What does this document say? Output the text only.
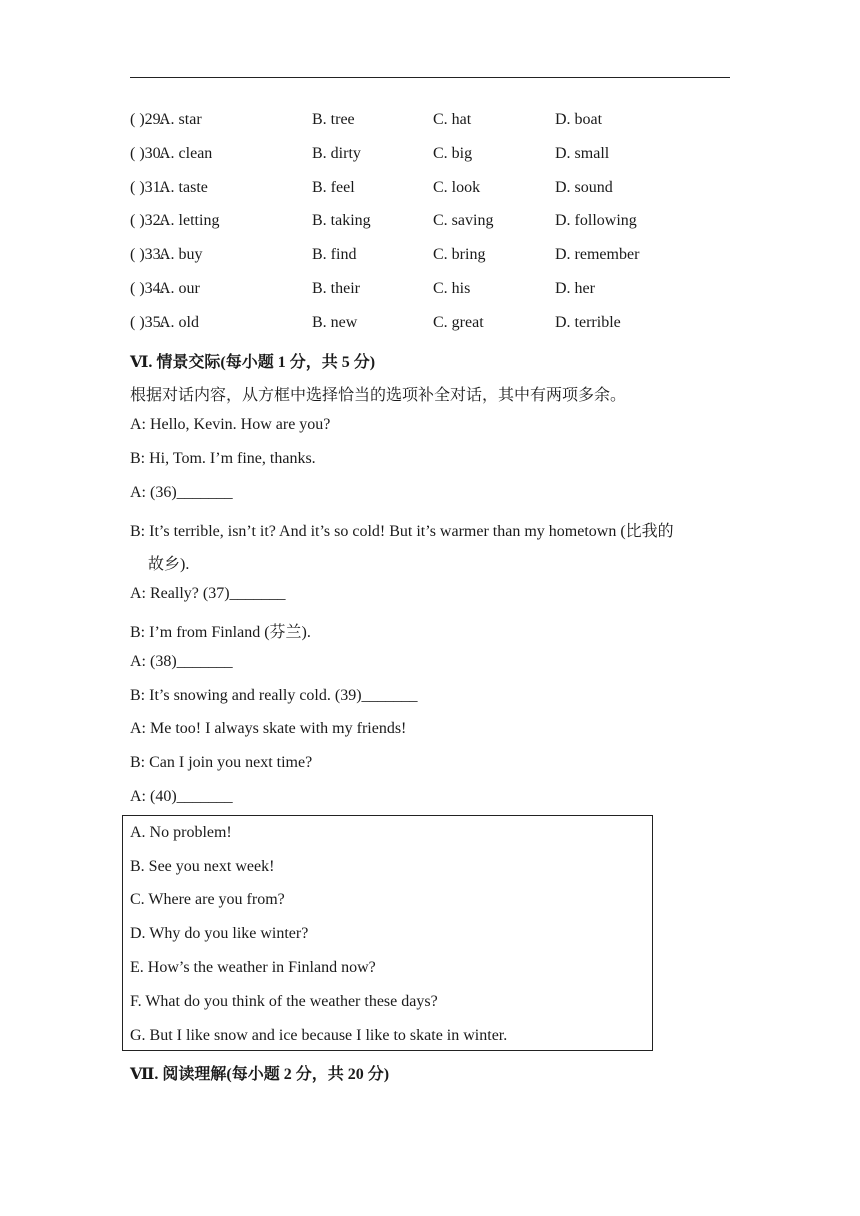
( )29.
A. star	B. tree	C. hat	D. boat
( )30.
A. clean	B. dirty	C. big	D. small
( )31.
A. taste	B. feel	C. look	D. sound
( )32.
A. letting	B. taking	C. saving	D. following
( )33.
A. buy	B. find	C. bring	D. remember
( )34.
A. our	B. their	C. his	D. her
( )35.
A. old	B. new	C. great	D. terrible
Ⅵ. 情景交际(每小题 1 分，共 5 分)
根据对话内容，从方框中选择恰当的选项补全对话，其中有两项多余。
A: Hello, Kevin. How are you?
B: Hi, Tom. I’m fine, thanks.
A: (36)_______
B: It’s terrible, isn’t it? And it’s so cold! But it’s warmer than my hometown (比我的
故乡).
A: Really? (37)_______
B: I’m from Finland (芬兰).
A: (38)_______
B: It’s snowing and really cold. (39)_______
A: Me too! I always skate with my friends!
B: Can I join you next time?
A: (40)_______
A. No problem!
B. See you next week!
C. Where are you from?
D. Why do you like winter?
E. How’s the weather in Finland now?
F. What do you think of the weather these days?
G. But I like snow and ice because I like to skate in winter.
Ⅶ. 阅读理解(每小题 2 分，共 20 分)
